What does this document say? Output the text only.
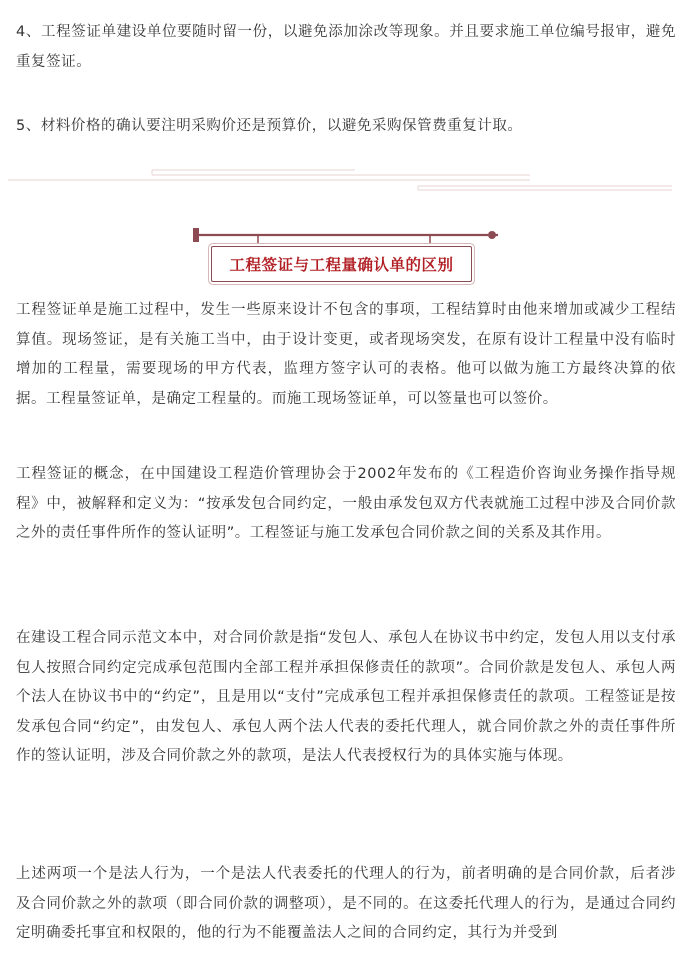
4、工程签证单建设单位要随时留一份，以避免添加涂改等现象。并且要求施工单位编号报审，避免重复签证。

5、材料价格的确认要注明采购价还是预算价，以避免采购保管费重复计取。

工程签证与工程量确认单的区别

工程签证单是施工过程中，发生一些原来设计不包含的事项，工程结算时由他来增加或减少工程结算值。现场签证，是有关施工当中，由于设计变更，或者现场突发，在原有设计工程量中没有临时增加的工程量，需要现场的甲方代表，监理方签字认可的表格。他可以做为施工方最终决算的依据。工程量签证单，是确定工程量的。而施工现场签证单，可以签量也可以签价。

工程签证的概念，在中国建设工程造价管理协会于2002年发布的《工程造价咨询业务操作指导规程》中，被解释和定义为：“按承发包合同约定，一般由承发包双方代表就施工过程中涉及合同价款之外的责任事件所作的签认证明”。工程签证与施工发承包合同价款之间的关系及其作用。

在建设工程合同示范文本中，对合同价款是指“发包人、承包人在协议书中约定，发包人用以支付承包人按照合同约定完成承包范围内全部工程并承担保修责任的款项”。合同价款是发包人、承包人两个法人在协议书中的“约定”，且是用以“支付”完成承包工程并承担保修责任的款项。工程签证是按发承包合同“约定”，由发包人、承包人两个法人代表的委托代理人，就合同价款之外的责任事件所作的签认证明，涉及合同价款之外的款项，是法人代表授权行为的具体实施与体现。

上述两项一个是法人行为，一个是法人代表委托的代理人的行为，前者明确的是合同价款，后者涉及合同价款之外的款项（即合同价款的调整项），是不同的。在这委托代理人的行为，是通过合同约定明确委托事宜和权限的，他的行为不能覆盖法人之间的合同约定，其行为并受到
